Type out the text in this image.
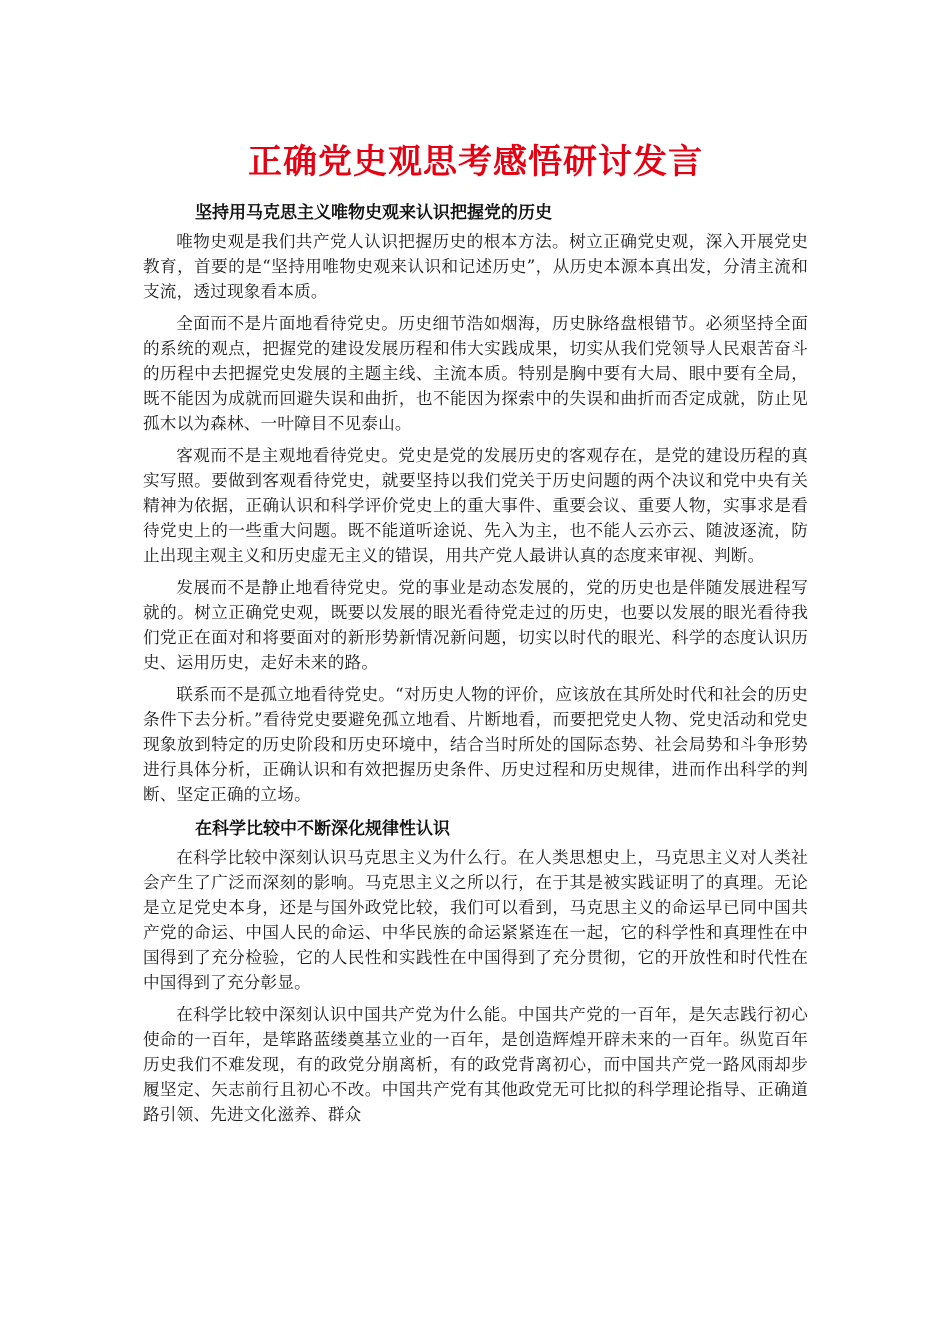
正确党史观思考感悟研讨发言
坚持用马克思主义唯物史观来认识把握党的历史

唯物史观是我们共产党人认识把握历史的根本方法。树立正确党史观，深入开展党史教育，首要的是“坚持用唯物史观来认识和记述历史”，从历史本源本真出发，分清主流和支流，透过现象看本质。

全面而不是片面地看待党史。历史细节浩如烟海，历史脉络盘根错节。必须坚持全面的系统的观点，把握党的建设发展历程和伟大实践成果，切实从我们党领导人民艰苦奋斗的历程中去把握党史发展的主题主线、主流本质。特别是胸中要有大局、眼中要有全局，既不能因为成就而回避失误和曲折，也不能因为探索中的失误和曲折而否定成就，防止见孤木以为森林、一叶障目不见泰山。

客观而不是主观地看待党史。党史是党的发展历史的客观存在，是党的建设历程的真实写照。要做到客观看待党史，就要坚持以我们党关于历史问题的两个决议和党中央有关精神为依据，正确认识和科学评价党史上的重大事件、重要会议、重要人物，实事求是看待党史上的一些重大问题。既不能道听途说、先入为主，也不能人云亦云、随波逐流，防止出现主观主义和历史虚无主义的错误，用共产党人最讲认真的态度来审视、判断。

发展而不是静止地看待党史。党的事业是动态发展的，党的历史也是伴随发展进程写就的。树立正确党史观，既要以发展的眼光看待党走过的历史，也要以发展的眼光看待我们党正在面对和将要面对的新形势新情况新问题，切实以时代的眼光、科学的态度认识历史、运用历史，走好未来的路。

联系而不是孤立地看待党史。“对历史人物的评价，应该放在其所处时代和社会的历史条件下去分析。”看待党史要避免孤立地看、片断地看，而要把党史人物、党史活动和党史现象放到特定的历史阶段和历史环境中，结合当时所处的国际态势、社会局势和斗争形势进行具体分析，正确认识和有效把握历史条件、历史过程和历史规律，进而作出科学的判断、坚定正确的立场。

在科学比较中不断深化规律性认识

在科学比较中深刻认识马克思主义为什么行。在人类思想史上，马克思主义对人类社会产生了广泛而深刻的影响。马克思主义之所以行，在于其是被实践证明了的真理。无论是立足党史本身，还是与国外政党比较，我们可以看到，马克思主义的命运早已同中国共产党的命运、中国人民的命运、中华民族的命运紧紧连在一起，它的科学性和真理性在中国得到了充分检验，它的人民性和实践性在中国得到了充分贯彻，它的开放性和时代性在中国得到了充分彰显。

在科学比较中深刻认识中国共产党为什么能。中国共产党的一百年，是矢志践行初心使命的一百年，是筚路蓝缕奠基立业的一百年，是创造辉煌开辟未来的一百年。纵览百年历史我们不难发现，有的政党分崩离析，有的政党背离初心，而中国共产党一路风雨却步履坚定、矢志前行且初心不改。中国共产党有其他政党无可比拟的科学理论指导、正确道路引领、先进文化滋养、群众
